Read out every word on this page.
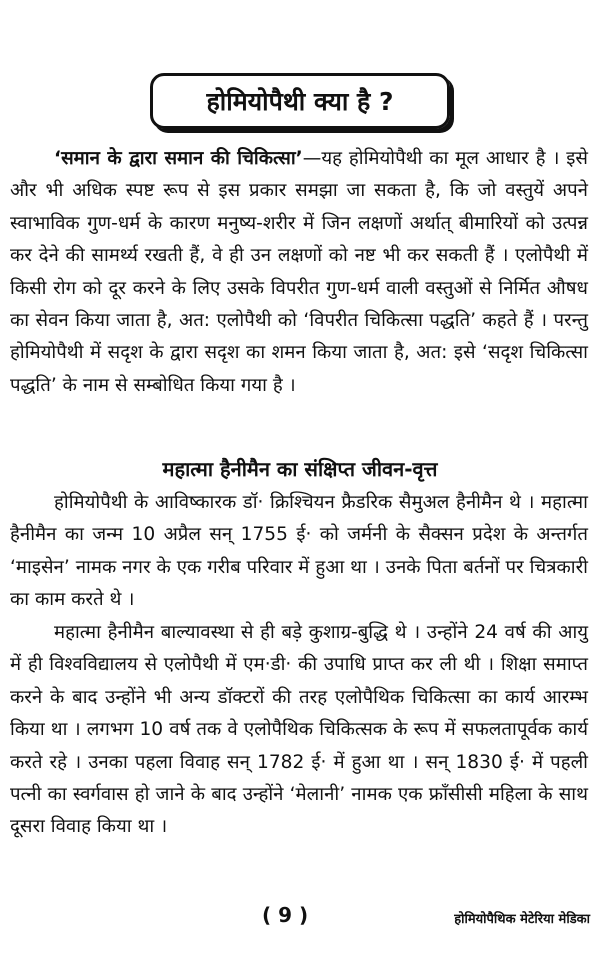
होमियोपैथी क्या है ?

‘समान के द्वारा समान की चिकित्सा’—यह होमियोपैथी का मूल आधार है । इसे और भी अधिक स्पष्ट रूप से इस प्रकार समझा जा सकता है, कि जो वस्तुयें अपने स्वाभाविक गुण-धर्म के कारण मनुष्य-शरीर में जिन लक्षणों अर्थात् बीमारियों को उत्पन्न कर देने की सामर्थ्य रखती हैं, वे ही उन लक्षणों को नष्ट भी कर सकती हैं । एलोपैथी में किसी रोग को दूर करने के लिए उसके विपरीत गुण-धर्म वाली वस्तुओं से निर्मित औषध का सेवन किया जाता है, अत: एलोपैथी को ‘विपरीत चिकित्सा पद्धति’ कहते हैं । परन्तु होमियोपैथी में सदृश के द्वारा सदृश का शमन किया जाता है, अत: इसे ‘सदृश चिकित्सा पद्धति’ के नाम से सम्बोधित किया गया है ।

महात्मा हैनीमैन का संक्षिप्त जीवन-वृत्त

होमियोपैथी के आविष्कारक डॉ· क्रिश्चियन फ्रैडरिक सैमुअल हैनीमैन थे । महात्मा हैनीमैन का जन्म 10 अप्रैल सन् 1755 ई· को जर्मनी के सैक्सन प्रदेश के अन्तर्गत ‘माइसेन’ नामक नगर के एक गरीब परिवार में हुआ था । उनके पिता बर्तनों पर चित्रकारी का काम करते थे ।

महात्मा हैनीमैन बाल्यावस्था से ही बड़े कुशाग्र-बुद्धि थे । उन्होंने 24 वर्ष की आयु में ही विश्वविद्यालय से एलोपैथी में एम·डी· की उपाधि प्राप्त कर ली थी । शिक्षा समाप्त करने के बाद उन्होंने भी अन्य डॉक्टरों की तरह एलोपैथिक चिकित्सा का कार्य आरम्भ किया था । लगभग 10 वर्ष तक वे एलोपैथिक चिकित्सक के रूप में सफलतापूर्वक कार्य करते रहे । उनका पहला विवाह सन् 1782 ई· में हुआ था । सन् 1830 ई· में पहली पत्नी का स्वर्गवास हो जाने के बाद उन्होंने ‘मेलानी’ नामक एक फ्राँसीसी महिला के साथ दूसरा विवाह किया था ।

( 9 )	होमियोपैथिक मेटेरिया मेडिका
